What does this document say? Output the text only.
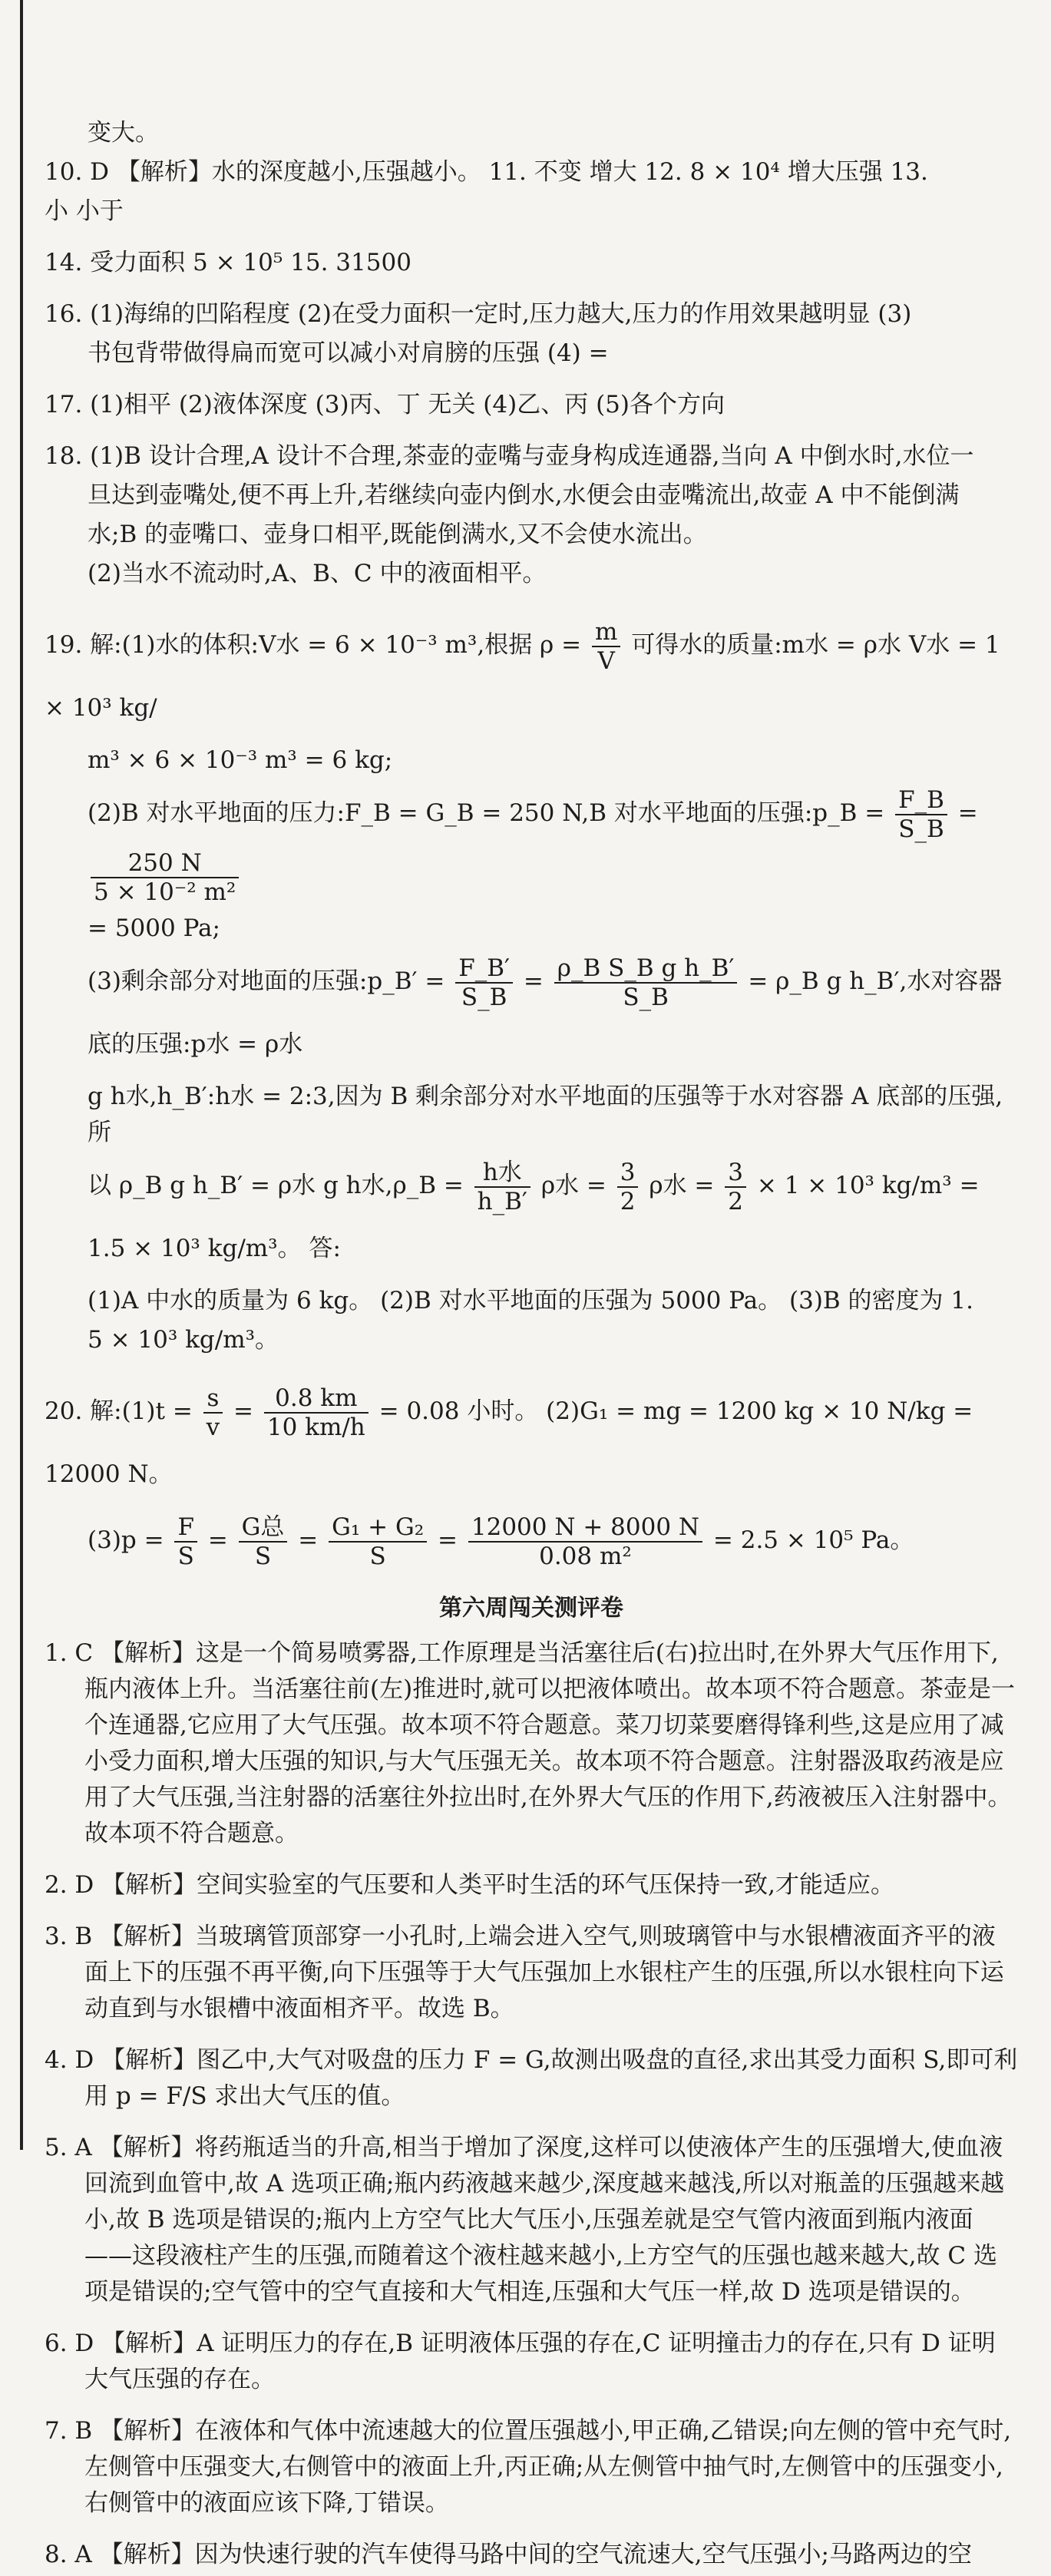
变大。
10. D 【解析】水的深度越小,压强越小。 11. 不变 增大 12. 8 × 10⁴ 增大压强 13.
小 小于
14. 受力面积 5 × 10⁵ 15. 31500
16. (1)海绵的凹陷程度 (2)在受力面积一定时,压力越大,压力的作用效果越明显 (3)
书包背带做得扁而宽可以减小对肩膀的压强 (4) =
17. (1)相平 (2)液体深度 (3)丙、丁 无关 (4)乙、丙 (5)各个方向
18. (1)B 设计合理,A 设计不合理,茶壶的壶嘴与壶身构成连通器,当向 A 中倒水时,水位一
旦达到壶嘴处,便不再上升,若继续向壶内倒水,水便会由壶嘴流出,故壶 A 中不能倒满
水;B 的壶嘴口、壶身口相平,既能倒满水,又不会使水流出。
(2)当水不流动时,A、B、C 中的液面相平。
19. 解:(1)水的体积:V水 = 6 × 10⁻³ m³,根据 $\rho = \frac{m}{V}$ 可得水的质量:m水 = ρ水 V水 = 1 × 10³ kg/
m³ × 6 × 10⁻³ m³ = 6 kg;
(2)B 对水平地面的压力:F_B = G_B = 250 N,B 对水平地面的压强:p_B = $\frac{F\_B}{S\_B}$ =
$\frac{250 N}{\text{5 × 10⁻² m²}}$
= 5000 Pa;
(3)剩余部分对地面的压强:p_B′ = $\frac{F\_B'}{S\_B} = \frac{\text{ρ\_B S\_B g h\_B′}}{S\_B}$ = ρ_B g h_B′,水对容器底的压强:p水 = ρ水
g h水,h_B′:h水 = 2:3,因为 B 剩余部分对水平地面的压强等于水对容器 A 底部的压强,所
以 ρ_B g h_B′ = ρ水 g h水,ρ_B = $\frac{\text{h水}}{h\_B'}$ ρ水 = $\frac{3}{2}$ ρ水 = $\frac{3}{2} \times 1 \times 10^3$ kg/m³ = 1.5 × 10³ kg/m³。 答:
(1)A 中水的质量为 6 kg。 (2)B 对水平地面的压强为 5000 Pa。 (3)B 的密度为 1.
5 × 10³ kg/m³。
20. 解:(1)t = $\frac{s}{v} = \frac{0.8 km}{10 km/h} = 0.08$ 小时。 (2)G₁ = mg = 1200 kg × 10 N/kg = 12000 N。
$(3)p = \frac{F}{S} = \frac{\text{G总}}{S} = \frac{\text{G₁ + G₂}}{S} = \frac{12000 N + 8000 N}{\text{0.08 m²}} = 2.5 \times 10^5$ Pa。
第六周闯关测评卷
1. C 【解析】这是一个简易喷雾器,工作原理是当活塞往后(右)拉出时,在外界大气压作用下,瓶内液体上升。当活塞往前(左)推进时,就可以把液体喷出。故本项不符合题意。茶壶是一个连通器,它应用了大气压强。故本项不符合题意。菜刀切菜要磨得锋利些,这是应用了减小受力面积,增大压强的知识,与大气压强无关。故本项不符合题意。注射器汲取药液是应用了大气压强,当注射器的活塞往外拉出时,在外界大气压的作用下,药液被压入注射器中。故本项不符合题意。
2. D 【解析】空间实验室的气压要和人类平时生活的环气压保持一致,才能适应。
3. B 【解析】当玻璃管顶部穿一小孔时,上端会进入空气,则玻璃管中与水银槽液面齐平的液面上下的压强不再平衡,向下压强等于大气压强加上水银柱产生的压强,所以水银柱向下运动直到与水银槽中液面相齐平。故选 B。
4. D 【解析】图乙中,大气对吸盘的压力 F = G,故测出吸盘的直径,求出其受力面积 S,即可利用 p = F/S 求出大气压的值。
5. A 【解析】将药瓶适当的升高,相当于增加了深度,这样可以使液体产生的压强增大,使血液回流到血管中,故 A 选项正确;瓶内药液越来越少,深度越来越浅,所以对瓶盖的压强越来越小,故 B 选项是错误的;瓶内上方空气比大气压小,压强差就是空气管内液面到瓶内液面——这段液柱产生的压强,而随着这个液柱越来越小,上方空气的压强也越来越大,故 C 选项是错误的;空气管中的空气直接和大气相连,压强和大气压一样,故 D 选项是错误的。
6. D 【解析】A 证明压力的存在,B 证明液体压强的存在,C 证明撞击力的存在,只有 D 证明大气压强的存在。
7. B 【解析】在液体和气体中流速越大的位置压强越小,甲正确,乙错误;向左侧的管中充气时,左侧管中压强变大,右侧管中的液面上升,丙正确;从左侧管中抽气时,左侧管中的压强变小,右侧管中的液面应该下降,丁错误。
8. A 【解析】因为快速行驶的汽车使得马路中间的空气流速大,空气压强小;马路两边的空
